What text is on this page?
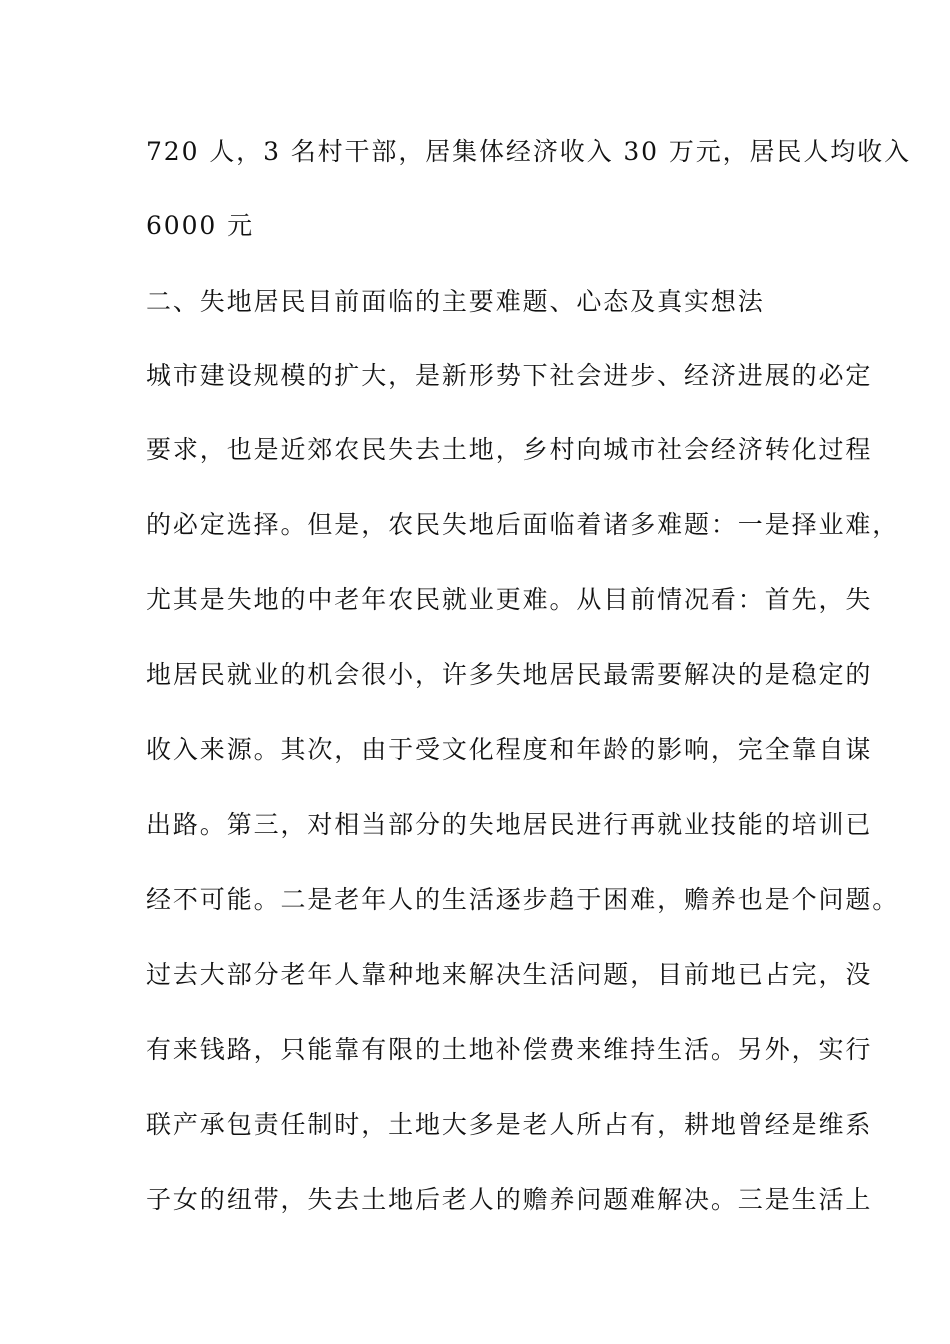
720 人，3 名村干部，居集体经济收入 30 万元，居民人均收入
6000 元
二、失地居民目前面临的主要难题、心态及真实想法
城市建设规模的扩大，是新形势下社会进步、经济进展的必定
要求，也是近郊农民失去土地，乡村向城市社会经济转化过程
的必定选择。但是，农民失地后面临着诸多难题：一是择业难，
尤其是失地的中老年农民就业更难。从目前情况看：首先，失
地居民就业的机会很小，许多失地居民最需要解决的是稳定的
收入来源。其次，由于受文化程度和年龄的影响，完全靠自谋
出路。第三，对相当部分的失地居民进行再就业技能的培训已
经不可能。二是老年人的生活逐步趋于困难，赡养也是个问题。
过去大部分老年人靠种地来解决生活问题，目前地已占完，没
有来钱路，只能靠有限的土地补偿费来维持生活。另外，实行
联产承包责任制时，土地大多是老人所占有，耕地曾经是维系
子女的纽带，失去土地后老人的赡养问题难解决。三是生活上
